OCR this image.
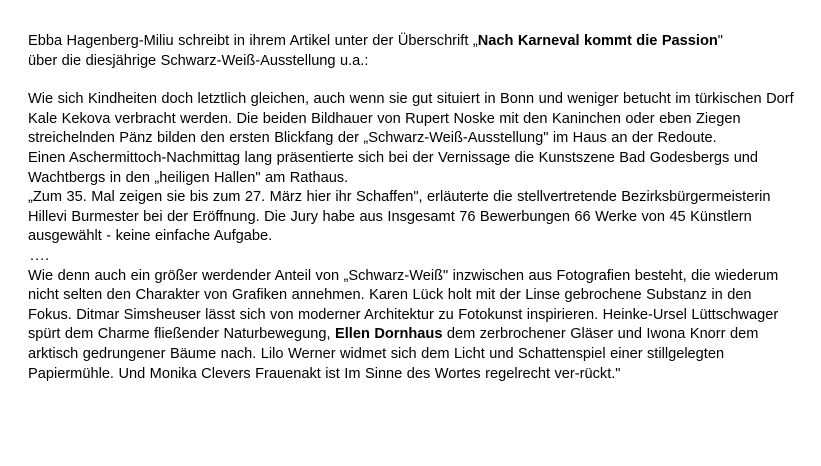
Ebba Hagenberg-Miliu schreibt in ihrem Artikel unter der Überschrift „Nach Karneval kommt die Passion"
über die diesjährige Schwarz-Weiß-Ausstellung u.a.:

Wie sich Kindheiten doch letztlich gleichen, auch wenn sie gut situiert in Bonn und weniger betucht im türkischen Dorf Kale Kekova verbracht werden. Die beiden Bildhauer von Rupert Noske mit den Kaninchen oder eben Ziegen streichelnden Pänz bilden den ersten Blickfang der „Schwarz-Weiß-Ausstellung" im Haus an der Redoute.

Einen Aschermittoch-Nachmittag lang präsentierte sich bei der Vernissage die Kunstszene Bad Godesbergs und Wachtbergs in den „heiligen Hallen" am Rathaus.

„Zum 35. Mal zeigen sie bis zum 27. März hier ihr Schaffen", erläuterte die stellvertretende Bezirksbürgermeisterin Hillevi Burmester bei der Eröffnung. Die Jury habe aus Insgesamt 76 Bewerbungen 66 Werke von 45 Künstlern ausgewählt - keine einfache Aufgabe.

....

Wie denn auch ein größer werdender Anteil von „Schwarz-Weiß" inzwischen aus Fotografien besteht, die wiederum nicht selten den Charakter von Grafiken annehmen. Karen Lück holt mit der Linse gebrochene Substanz in den Fokus. Ditmar Simsheuser lässt sich von moderner Architektur zu Fotokunst inspirieren. Heinke-Ursel Lüttschwager spürt dem Charme fließender Naturbewegung, Ellen Dornhaus dem zerbrochener Gläser und Iwona Knorr dem arktisch gedrungener Bäume nach. Lilo Werner widmet sich dem Licht und Schattenspiel einer stillgelegten Papiermühle. Und Monika Clevers Frauenakt ist Im Sinne des Wortes regelrecht ver-rückt."
